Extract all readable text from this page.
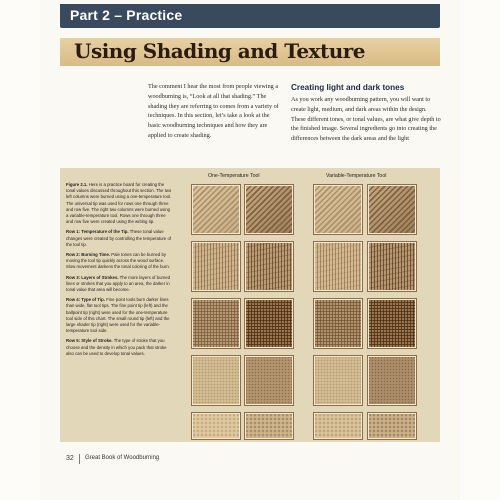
Part 2 – Practice
Using Shading and Texture
The comment I hear the most from people viewing a woodburning is, “Look at all that shading.” The shading they are referring to comes from a variety of techniques. In this section, let’s take a look at the basic woodburning techniques and how they are applied to create shading.
Creating light and dark tones
As you work any woodburning pattern, you will want to create light, medium, and dark areas within the design. These different tones, or tonal values, are what give depth to the finished image. Several ingredients go into creating the differences between the dark areas and the light

Figure 2.1. Here is a practice board for creating the tonal values discussed throughout this section. The two left columns were burned using a one-temperature tool. The universal tip was used for rows one through three and row five. The right two columns were burned using a variable-temperature tool. Rows one through three and row five were created using the writing tip.

Row 1: Temperature of the Tip. These tonal value changes were created by controlling the temperature of the tool tip.

Row 2: Burning Time. Pale tones can be burned by moving the tool tip quickly across the wood surface. Slow movement darkens the tonal coloring of the burn.

Row 3: Layers of Strokes. The more layers of burned lines or strokes that you apply to an area, the darker in tonal value that area will become.

Row 4: Type of Tip. Fine point tools burn darker lines than wide, flat tool tips. The fine point tip (left) and the ballpoint tip (right) were used for the one-temperature tool side of this chart. The small round tip (left) and the large shader tip (right) were used for the variable-temperature tool side.

Row 5: Style of Stroke. The type of stroke that you choose and the density in which you pack that stroke also can be used to develop tonal values.

One-Temperature Tool	Variable-Temperature Tool
32 Great Book of Woodburning
